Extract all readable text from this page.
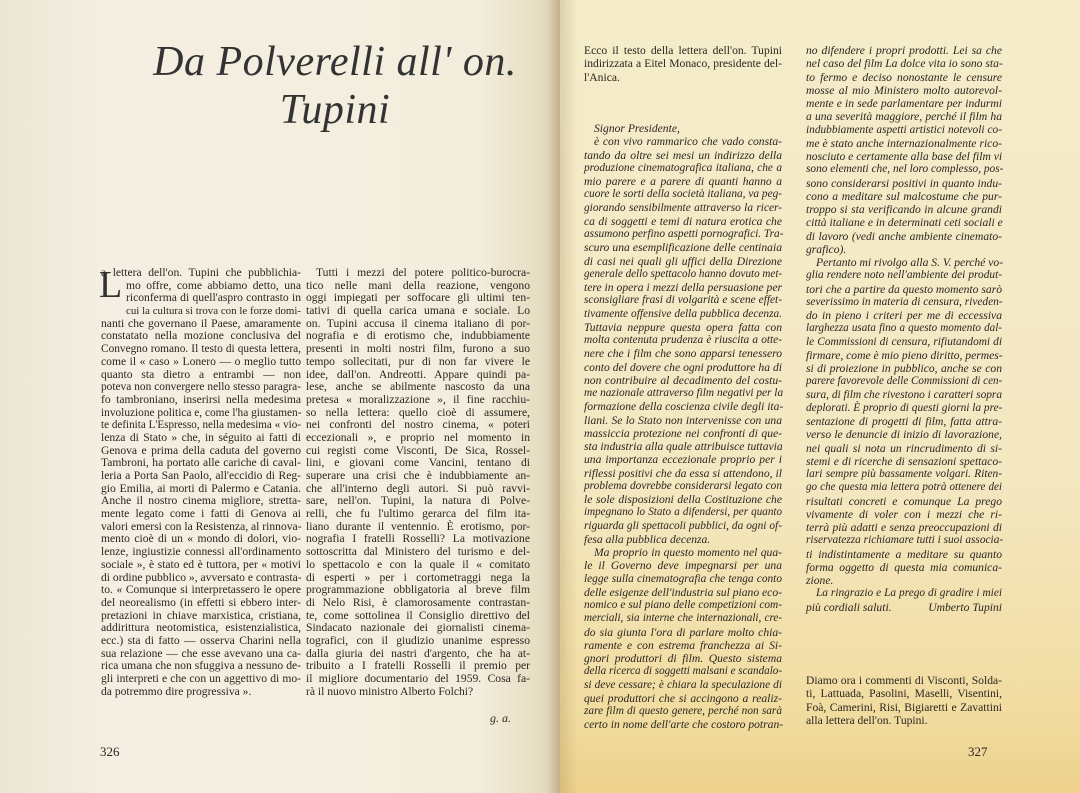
Da Polverelli all' on. Tupini
L
a lettera dell'on. Tupini che pubblichia-
mo offre, come abbiamo detto, una
riconferma di quell'aspro contrasto in
cui la cultura si trova con le forze domi-
nanti che governano il Paese, amaramente
constatato nella mozione conclusiva del
Convegno romano. Il testo di questa lettera,
come il « caso » Lonero — o meglio tutto
quanto sta dietro a entrambi — non
poteva non convergere nello stesso paragra-
fo tambroniano, inserirsi nella medesima
involuzione politica e, come l'ha giustamen-
te definita L'Espresso, nella medesima « vio-
lenza di Stato » che, in séguito ai fatti di
Genova e prima della caduta del governo
Tambroni, ha portato alle cariche di caval-
leria a Porta San Paolo, all'eccidio di Reg-
gio Emilia, ai morti di Palermo e Catania.
Anche il nostro cinema migliore, stretta-
mente legato come i fatti di Genova ai
valori emersi con la Resistenza, al rinnova-
mento cioè di un « mondo di dolori, vio-
lenze, ingiustizie connessi all'ordinamento
sociale », è stato ed è tuttora, per « motivi
di ordine pubblico », avversato e contrasta-
to. « Comunque si interpretassero le opere
del neorealismo (in effetti si ebbero inter-
pretazioni in chiave marxistica, cristiana,
addirittura neotomistica, esistenzialistica,
ecc.) sta di fatto — osserva Charini nella
sua relazione — che esse avevano una ca-
rica umana che non sfuggiva a nessuno de-
gli interpreti e che con un aggettivo di mo-
da potremmo dire progressiva ».
Tutti i mezzi del potere politico-burocra-
tico nelle mani della reazione, vengono
oggi impiegati per soffocare gli ultimi ten-
tativi di quella carica umana e sociale. Lo
on. Tupini accusa il cinema italiano di por-
nografia e di erotismo che, indubbiamente
presenti in molti nostri film, furono a suo
tempo sollecitati, pur di non far vivere le
idee, dall'on. Andreotti. Appare quindi pa-
lese, anche se abilmente nascosto da una
pretesa « moralizzazione », il fine racchiu-
so nella lettera: quello cioè di assumere,
nei confronti del nostro cinema, « poteri
eccezionali », e proprio nel momento in
cui registi come Visconti, De Sica, Rossel-
lini, e giovani come Vancini, tentano di
superare una crisi che è indubbiamente an-
che all'interno degli autori. Si può ravvi-
sare, nell'on. Tupini, la natura di Polve-
relli, che fu l'ultimo gerarca del film ita-
liano durante il ventennio. È erotismo, por-
nografia I fratelli Rosselli? La motivazione
sottoscritta dal Ministero del turismo e del-
lo spettacolo e con la quale il « comitato
di esperti » per i cortometraggi nega la
programmazione obbligatoria al breve film
di Nelo Risi, è clamorosamente contrastan-
te, come sottolinea il Consiglio direttivo del
Sindacato nazionale dei giornalisti cinema-
tografici, con il giudizio unanime espresso
dalla giuria dei nastri d'argento, che ha at-
tribuito a I fratelli Rosselli il premio per
il migliore documentario del 1959. Cosa fa-
rà il nuovo ministro Alberto Folchi?
g. a.
Ecco il testo della lettera dell'on. Tupini
indirizzata a Eitel Monaco, presidente del-
l'Anica.
Signor Presidente,
è con vivo rammarico che vado consta-
tando da oltre sei mesi un indirizzo della
produzione cinematografica italiana, che a
mio parere e a parere di quanti hanno a
cuore le sorti della società italiana, va peg-
giorando sensibilmente attraverso la ricer-
ca di soggetti e temi di natura erotica che
assumono perfino aspetti pornografici. Tra-
scuro una esemplificazione delle centinaia
di casi nei quali gli uffici della Direzione
generale dello spettacolo hanno dovuto met-
tere in opera i mezzi della persuasione per
sconsigliare frasi di volgarità e scene effet-
tivamente offensive della pubblica decenza.
Tuttavia neppure questa opera fatta con
molta contenuta prudenza è riuscita a otte-
nere che i film che sono apparsi tenessero
conto del dovere che ogni produttore ha di
non contribuire al decadimento del costu-
me nazionale attraverso film negativi per la
formazione della coscienza civile degli ita-
liani. Se lo Stato non intervenisse con una
massiccia protezione nei confronti di que-
sta industria alla quale attribuisce tuttavia
una importanza eccezionale proprio per i
riflessi positivi che da essa si attendono, il
problema dovrebbe considerarsi legato con
le sole disposizioni della Costituzione che
impegnano lo Stato a difendersi, per quanto
riguarda gli spettacoli pubblici, da ogni of-
fesa alla pubblica decenza.
Ma proprio in questo momento nel qua-
le il Governo deve impegnarsi per una
legge sulla cinematografia che tenga conto
delle esigenze dell'industria sul piano eco-
nomico e sul piano delle competizioni com-
merciali, sia interne che internazionali, cre-
do sia giunta l'ora di parlare molto chia-
ramente e con estrema franchezza ai Si-
gnori produttori di film. Questo sistema
della ricerca di soggetti malsani e scandalo-
si deve cessare; è chiara la speculazione di
quei produttori che si accingono a realiz-
zare film di questo genere, perché non sarà
certo in nome dell'arte che costoro potran-
no difendere i propri prodotti. Lei sa che
nel caso del film La dolce vita io sono sta-
to fermo e deciso nonostante le censure
mosse al mio Ministero molto autorevol-
mente e in sede parlamentare per indurmi
a una severità maggiore, perché il film ha
indubbiamente aspetti artistici notevoli co-
me è stato anche internazionalmente rico-
nosciuto e certamente alla base del film vi
sono elementi che, nel loro complesso, pos-
sono considerarsi positivi in quanto indu-
cono a meditare sul malcostume che pur-
troppo si sta verificando in alcune grandi
città italiane e in determinati ceti sociali e
di lavoro (vedi anche ambiente cinemato-
grafico).
Pertanto mi rivolgo alla S. V. perché vo-
glia rendere noto nell'ambiente dei produt-
tori che a partire da questo momento sarò
severissimo in materia di censura, riveden-
do in pieno i criteri per me di eccessiva
larghezza usata fino a questo momento dal-
le Commissioni di censura, rifiutandomi di
firmare, come è mio pieno diritto, permes-
si di proiezione in pubblico, anche se con
parere favorevole delle Commissioni di cen-
sura, di film che rivestono i caratteri sopra
deplorati. È proprio di questi giorni la pre-
sentazione di progetti di film, fatta attra-
verso le denuncie di inizio di lavorazione,
nei quali si nota un rincrudimento di si-
stemi e di ricerche di sensazioni spettaco-
lari sempre più bassamente volgari. Riten-
go che questa mia lettera potrà ottenere dei
risultati concreti e comunque La prego
vivamente di voler con i mezzi che ri-
terrà più adatti e senza preoccupazioni di
riservatezza richiamare tutti i suoi associa-
ti indistintamente a meditare su quanto
forma oggetto di questa mia comunica-
zione.
La ringrazio e La prego di gradire i miei
più cordiali saluti.	Umberto Tupini
Diamo ora i commenti di Visconti, Solda-
ti, Lattuada, Pasolini, Maselli, Visentini,
Foà, Camerini, Risi, Bigiaretti e Zavattini
alla lettera dell'on. Tupini.
326	327
